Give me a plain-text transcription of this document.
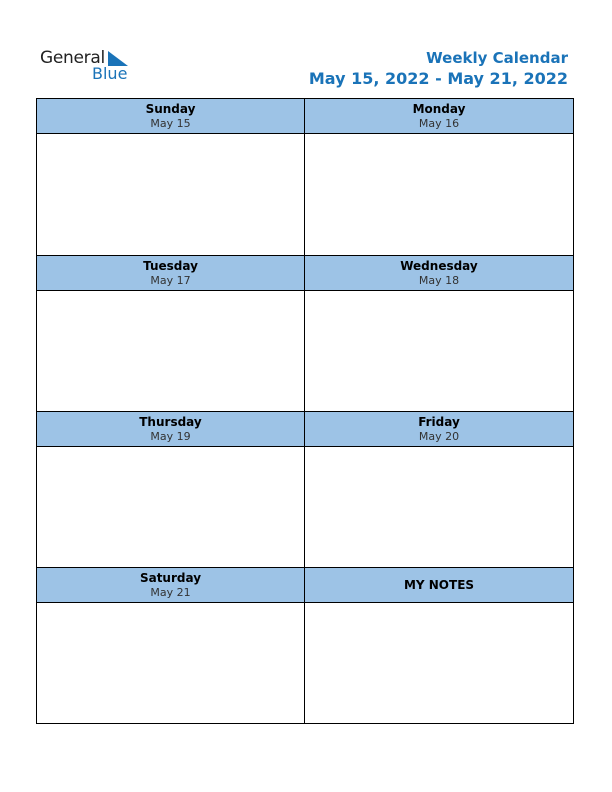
General
Blue
Weekly Calendar
May 15, 2022 - May 21, 2022
Sunday
May 15
Monday
May 16
Tuesday
May 17
Wednesday
May 18
Thursday
May 19
Friday
May 20
Saturday
May 21
MY NOTES
